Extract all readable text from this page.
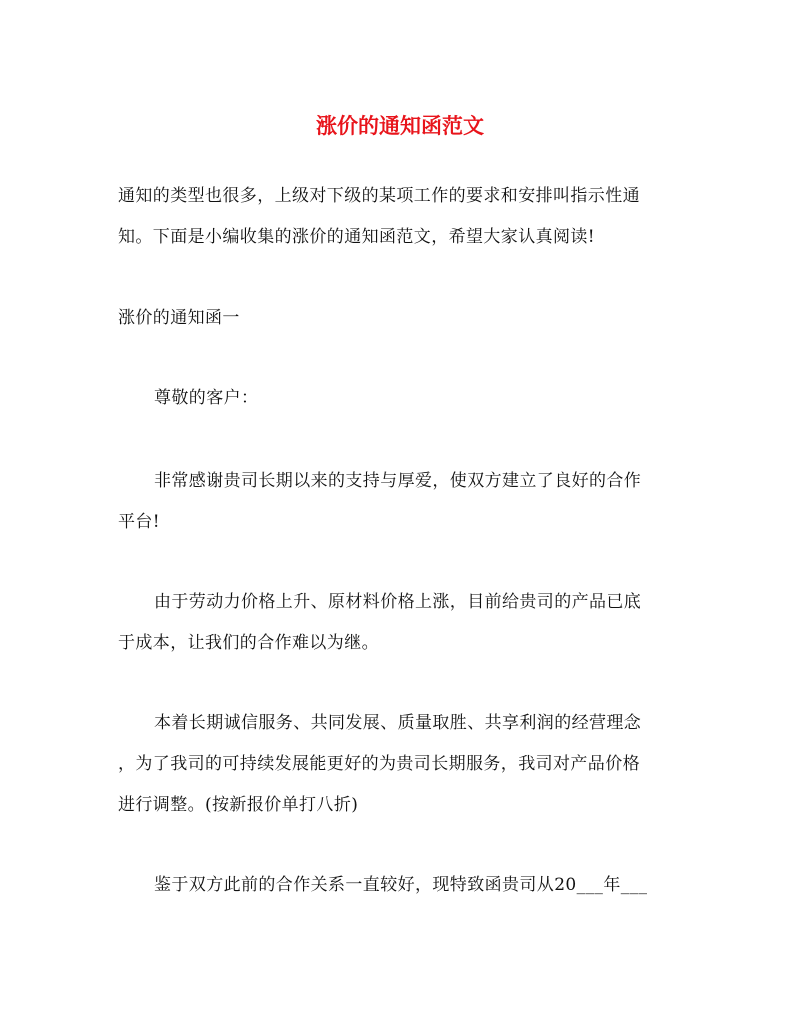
涨价的通知函范文
通知的类型也很多，上级对下级的某项工作的要求和安排叫指示性通
知。下面是小编收集的涨价的通知函范文，希望大家认真阅读!
涨价的通知函一
尊敬的客户：
非常感谢贵司长期以来的支持与厚爱，使双方建立了良好的合作
平台!
由于劳动力价格上升、原材料价格上涨，目前给贵司的产品已底
于成本，让我们的合作难以为继。
本着长期诚信服务、共同发展、质量取胜、共享利润的经营理念
，为了我司的可持续发展能更好的为贵司长期服务，我司对产品价格
进行调整。(按新报价单打八折)
鉴于双方此前的合作关系一直较好，现特致函贵司从20___年___
